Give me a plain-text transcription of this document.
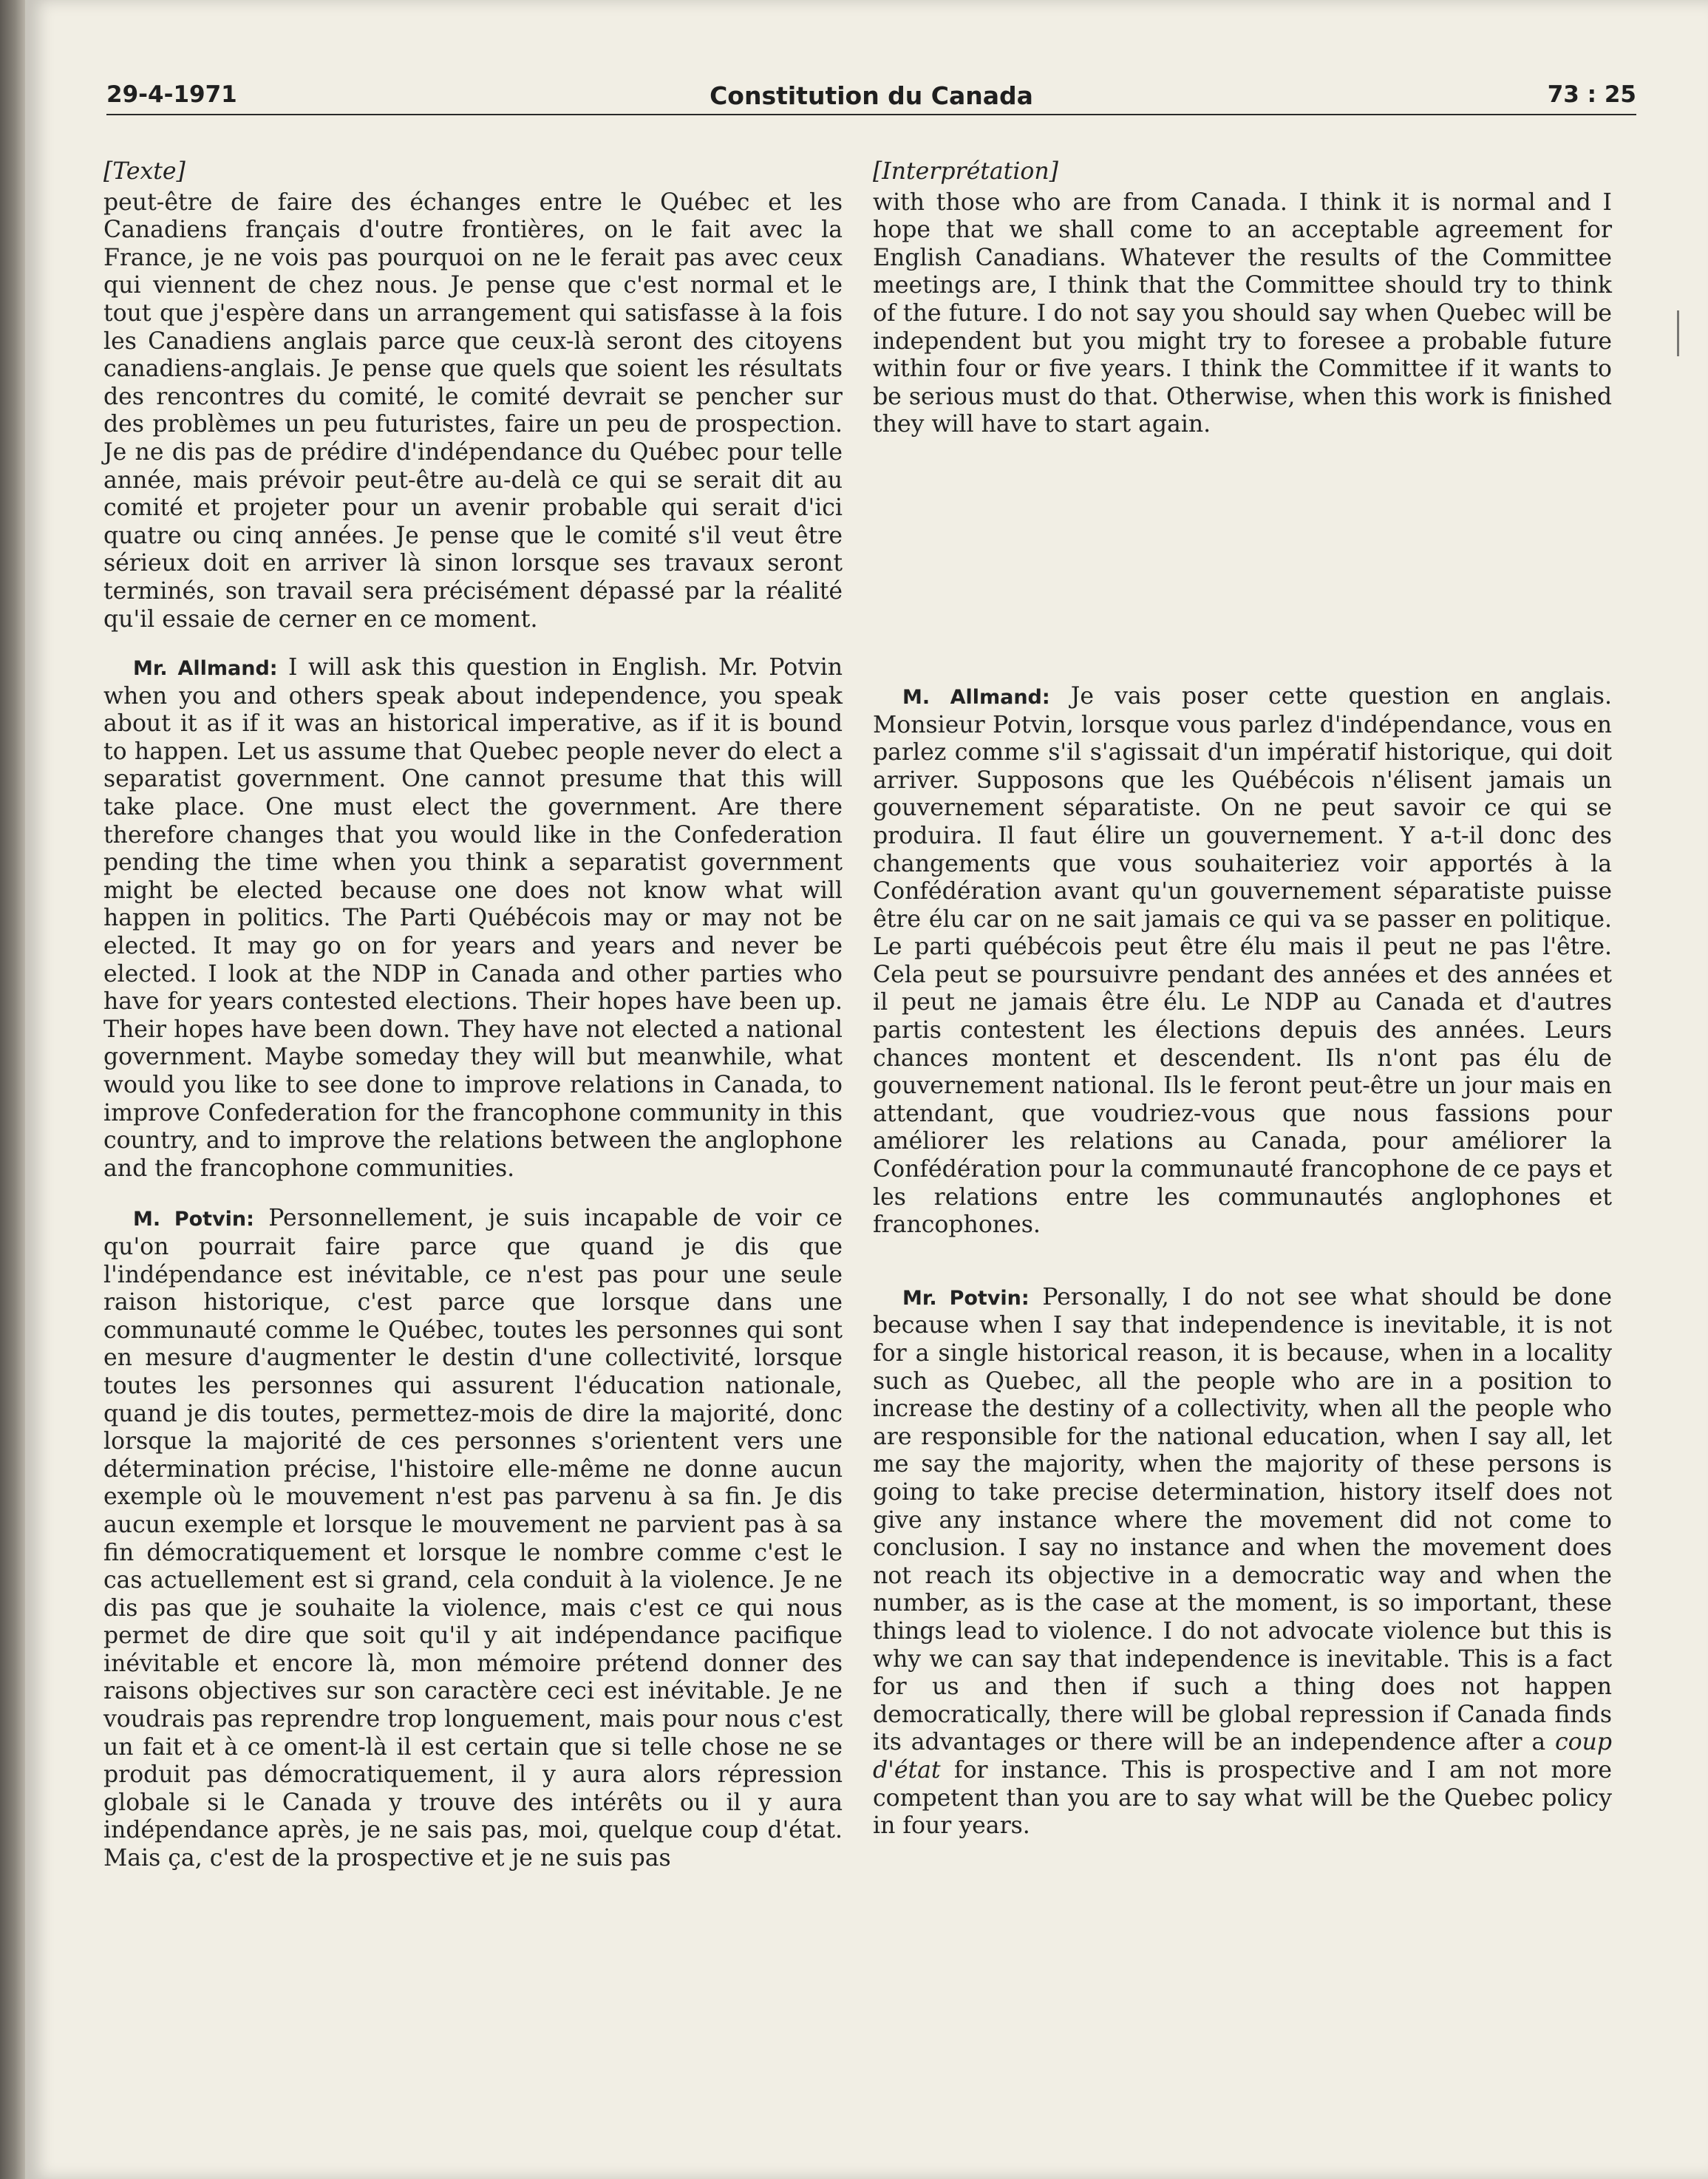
29-4-1971	Constitution du Canada	73 : 25
[Texte]

peut-être de faire des échanges entre le Québec et les Canadiens français d'outre frontières, on le fait avec la France, je ne vois pas pourquoi on ne le ferait pas avec ceux qui viennent de chez nous. Je pense que c'est normal et le tout que j'espère dans un arrangement qui satisfasse à la fois les Canadiens anglais parce que ceux-là seront des citoyens canadiens-anglais. Je pense que quels que soient les résultats des rencontres du comité, le comité devrait se pencher sur des problèmes un peu futuristes, faire un peu de prospection. Je ne dis pas de prédire d'indépendance du Québec pour telle année, mais prévoir peut-être au-delà ce qui se serait dit au comité et projeter pour un avenir probable qui serait d'ici quatre ou cinq années. Je pense que le comité s'il veut être sérieux doit en arriver là sinon lorsque ses travaux seront terminés, son travail sera précisément dépassé par la réalité qu'il essaie de cerner en ce moment.

Mr. Allmand: I will ask this question in English. Mr. Potvin when you and others speak about independence, you speak about it as if it was an historical imperative, as if it is bound to happen. Let us assume that Quebec people never do elect a separatist government. One cannot presume that this will take place. One must elect the government. Are there therefore changes that you would like in the Confederation pending the time when you think a separatist government might be elected because one does not know what will happen in politics. The Parti Québécois may or may not be elected. It may go on for years and years and never be elected. I look at the NDP in Canada and other parties who have for years contested elections. Their hopes have been up. Their hopes have been down. They have not elected a national government. Maybe someday they will but meanwhile, what would you like to see done to improve relations in Canada, to improve Confederation for the francophone community in this country, and to improve the relations between the anglophone and the francophone communities.

M. Potvin: Personnellement, je suis incapable de voir ce qu'on pourrait faire parce que quand je dis que l'indépendance est inévitable, ce n'est pas pour une seule raison historique, c'est parce que lorsque dans une communauté comme le Québec, toutes les personnes qui sont en mesure d'augmenter le destin d'une collectivité, lorsque toutes les personnes qui assurent l'éducation nationale, quand je dis toutes, permettez-mois de dire la majorité, donc lorsque la majorité de ces personnes s'orientent vers une détermination précise, l'histoire elle-même ne donne aucun exemple où le mouvement n'est pas parvenu à sa fin. Je dis aucun exemple et lorsque le mouvement ne parvient pas à sa fin démocratiquement et lorsque le nombre comme c'est le cas actuellement est si grand, cela conduit à la violence. Je ne dis pas que je souhaite la violence, mais c'est ce qui nous permet de dire que soit qu'il y ait indépendance pacifique inévitable et encore là, mon mémoire prétend donner des raisons objectives sur son caractère ceci est inévitable. Je ne voudrais pas reprendre trop longuement, mais pour nous c'est un fait et à ce oment-là il est certain que si telle chose ne se produit pas démocratiquement, il y aura alors répression globale si le Canada y trouve des intérêts ou il y aura indépendance après, je ne sais pas, moi, quelque coup d'état. Mais ça, c'est de la prospective et je ne suis pas

[Interprétation]

with those who are from Canada. I think it is normal and I hope that we shall come to an acceptable agreement for English Canadians. Whatever the results of the Committee meetings are, I think that the Committee should try to think of the future. I do not say you should say when Quebec will be independent but you might try to foresee a probable future within four or five years. I think the Committee if it wants to be serious must do that. Otherwise, when this work is finished they will have to start again.

M. Allmand: Je vais poser cette question en anglais. Monsieur Potvin, lorsque vous parlez d'indépendance, vous en parlez comme s'il s'agissait d'un impératif historique, qui doit arriver. Supposons que les Québécois n'élisent jamais un gouvernement séparatiste. On ne peut savoir ce qui se produira. Il faut élire un gouvernement. Y a-t-il donc des changements que vous souhaiteriez voir apportés à la Confédération avant qu'un gouvernement séparatiste puisse être élu car on ne sait jamais ce qui va se passer en politique. Le parti québécois peut être élu mais il peut ne pas l'être. Cela peut se poursuivre pendant des années et des années et il peut ne jamais être élu. Le NDP au Canada et d'autres partis contestent les élections depuis des années. Leurs chances montent et descendent. Ils n'ont pas élu de gouvernement national. Ils le feront peut-être un jour mais en attendant, que voudriez-vous que nous fassions pour améliorer les relations au Canada, pour améliorer la Confédération pour la communauté francophone de ce pays et les relations entre les communautés anglophones et francophones.

Mr. Potvin: Personally, I do not see what should be done because when I say that independence is inevitable, it is not for a single historical reason, it is because, when in a locality such as Quebec, all the people who are in a position to increase the destiny of a collectivity, when all the people who are responsible for the national education, when I say all, let me say the majority, when the majority of these persons is going to take precise determination, history itself does not give any instance where the movement did not come to conclusion. I say no instance and when the movement does not reach its objective in a democratic way and when the number, as is the case at the moment, is so important, these things lead to violence. I do not advocate violence but this is why we can say that independence is inevitable. This is a fact for us and then if such a thing does not happen democratically, there will be global repression if Canada finds its advantages or there will be an independence after a coup d'état for instance. This is prospective and I am not more competent than you are to say what will be the Quebec policy in four years.
